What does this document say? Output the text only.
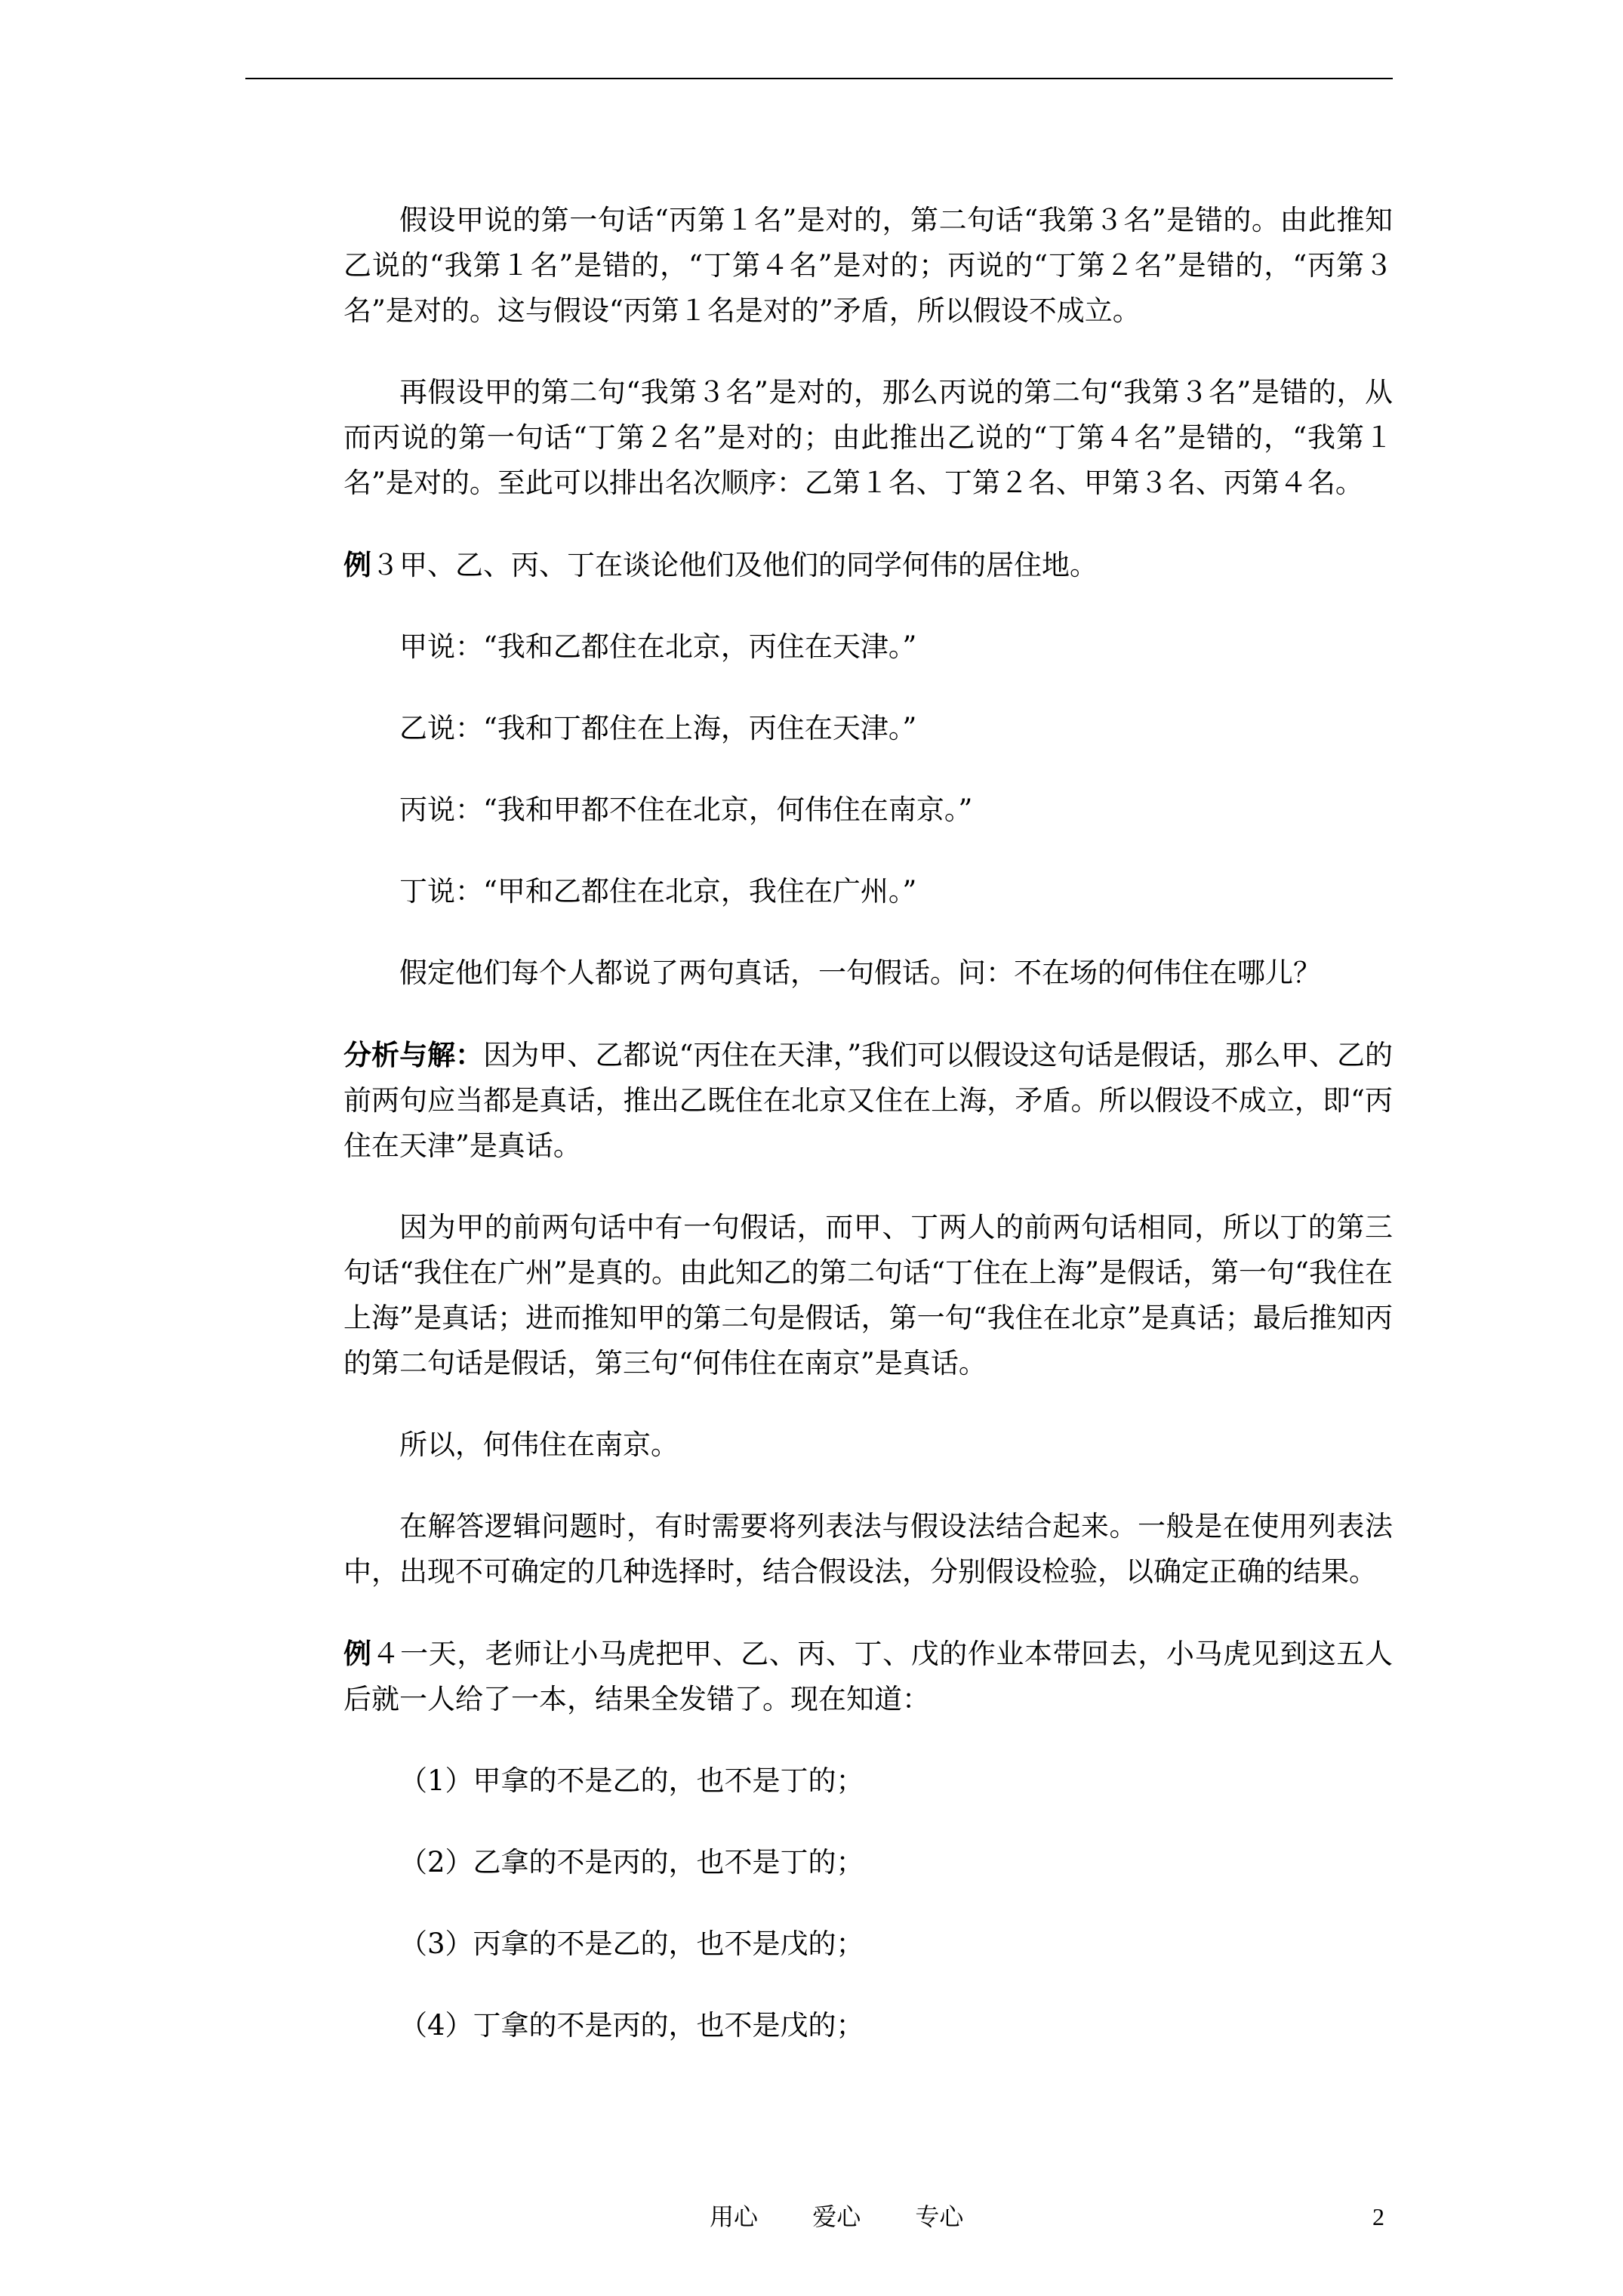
假设甲说的第一句话“丙第１名”是对的，第二句话“我第３名”是错的。由此推知乙说的“我第１名”是错的，“丁第４名”是对的；丙说的“丁第２名”是错的，“丙第３名”是对的。这与假设“丙第１名是对的”矛盾，所以假设不成立。

再假设甲的第二句“我第３名”是对的，那么丙说的第二句“我第３名”是错的，从而丙说的第一句话“丁第２名”是对的；由此推出乙说的“丁第４名”是错的，“我第１名”是对的。至此可以排出名次顺序：乙第１名、丁第２名、甲第３名、丙第４名。

例３甲、乙、丙、丁在谈论他们及他们的同学何伟的居住地。

甲说：“我和乙都住在北京，丙住在天津。”

乙说：“我和丁都住在上海，丙住在天津。”

丙说：“我和甲都不住在北京，何伟住在南京。”

丁说：“甲和乙都住在北京，我住在广州。”

假定他们每个人都说了两句真话，一句假话。问：不在场的何伟住在哪儿？

分析与解：因为甲、乙都说“丙住在天津，”我们可以假设这句话是假话，那么甲、乙的前两句应当都是真话，推出乙既住在北京又住在上海，矛盾。所以假设不成立，即“丙住在天津”是真话。

因为甲的前两句话中有一句假话，而甲、丁两人的前两句话相同，所以丁的第三句话“我住在广州”是真的。由此知乙的第二句话“丁住在上海”是假话，第一句“我住在上海”是真话；进而推知甲的第二句是假话，第一句“我住在北京”是真话；最后推知丙的第二句话是假话，第三句“何伟住在南京”是真话。

所以，何伟住在南京。

在解答逻辑问题时，有时需要将列表法与假设法结合起来。一般是在使用列表法中，出现不可确定的几种选择时，结合假设法，分别假设检验，以确定正确的结果。

例４一天，老师让小马虎把甲、乙、丙、丁、戊的作业本带回去，小马虎见到这五人后就一人给了一本，结果全发错了。现在知道：

（1）甲拿的不是乙的，也不是丁的；

（2）乙拿的不是丙的，也不是丁的；

（3）丙拿的不是乙的，也不是戊的；

（4）丁拿的不是丙的，也不是戊的；

用心 爱心 专心	2
